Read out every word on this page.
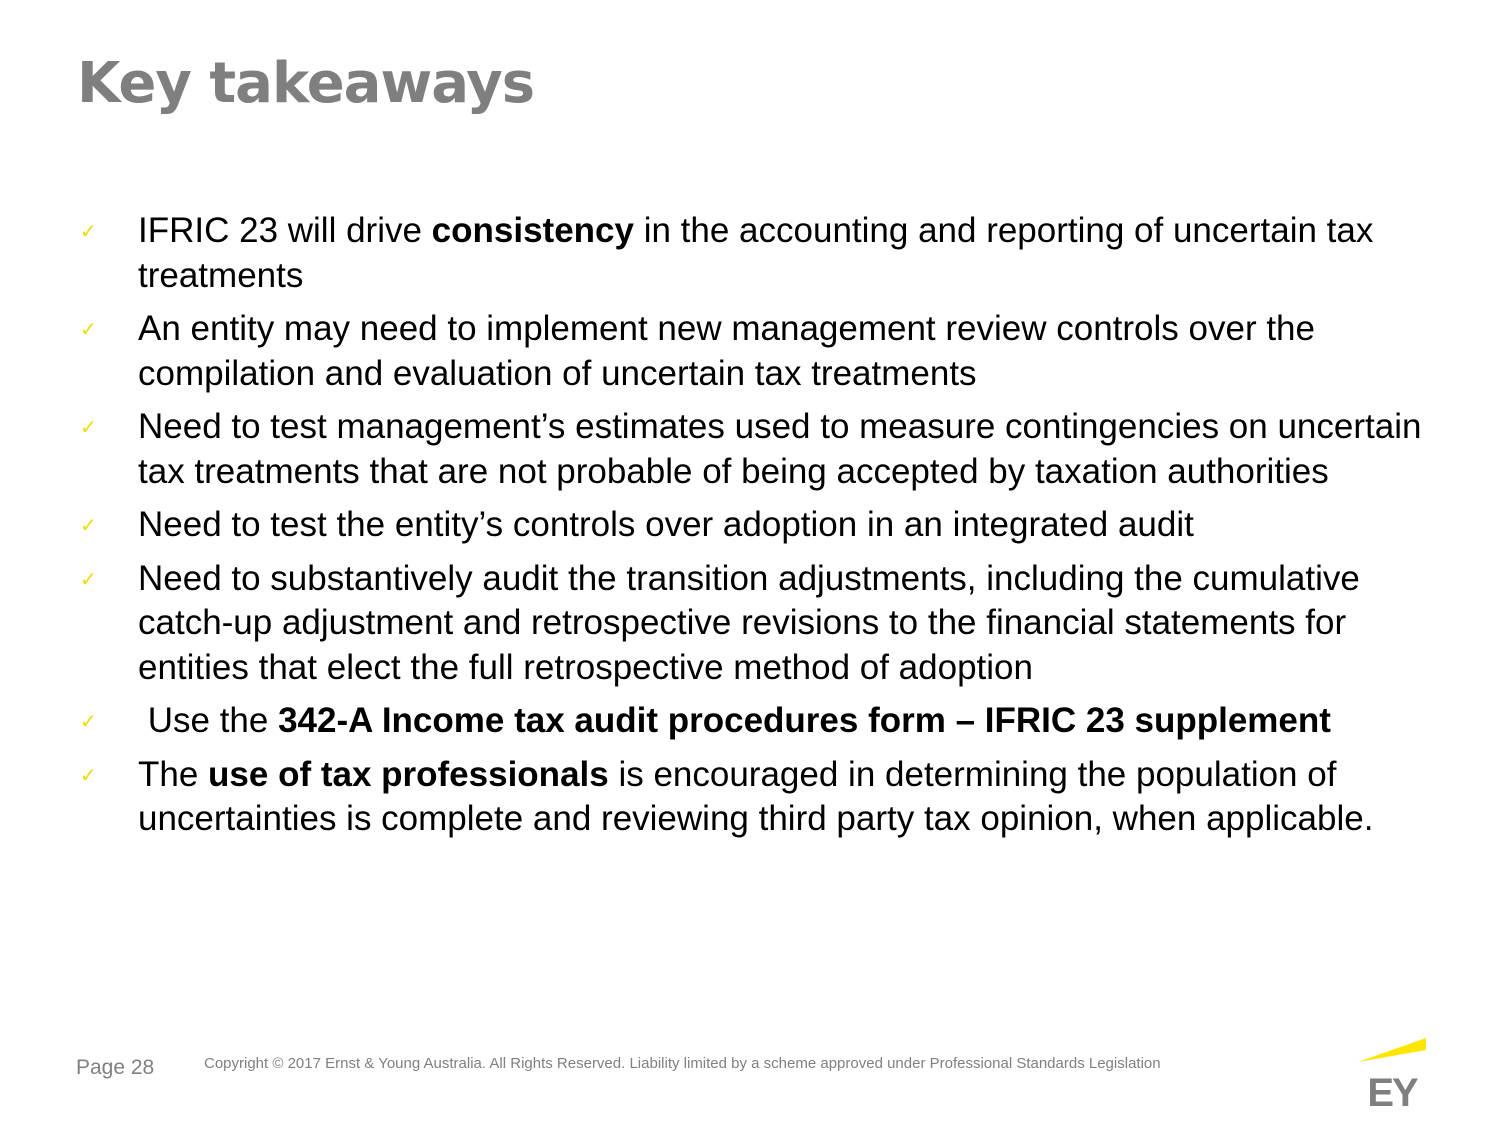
Key takeaways
✓ IFRIC 23 will drive consistency in the accounting and reporting of uncertain tax treatments
✓ An entity may need to implement new management review controls over the compilation and evaluation of uncertain tax treatments
✓ Need to test management’s estimates used to measure contingencies on uncertain tax treatments that are not probable of being accepted by taxation authorities
✓ Need to test the entity’s controls over adoption in an integrated audit
✓ Need to substantively audit the transition adjustments, including the cumulative catch-up adjustment and retrospective revisions to the financial statements for entities that elect the full retrospective method of adoption
✓ Use the 342-A Income tax audit procedures form – IFRIC 23 supplement
✓ The use of tax professionals is encouraged in determining the population of uncertainties is complete and reviewing third party tax opinion, when applicable.
Page 28	Copyright © 2017 Ernst & Young Australia. All Rights Reserved. Liability limited by a scheme approved under Professional Standards Legislation
EY
